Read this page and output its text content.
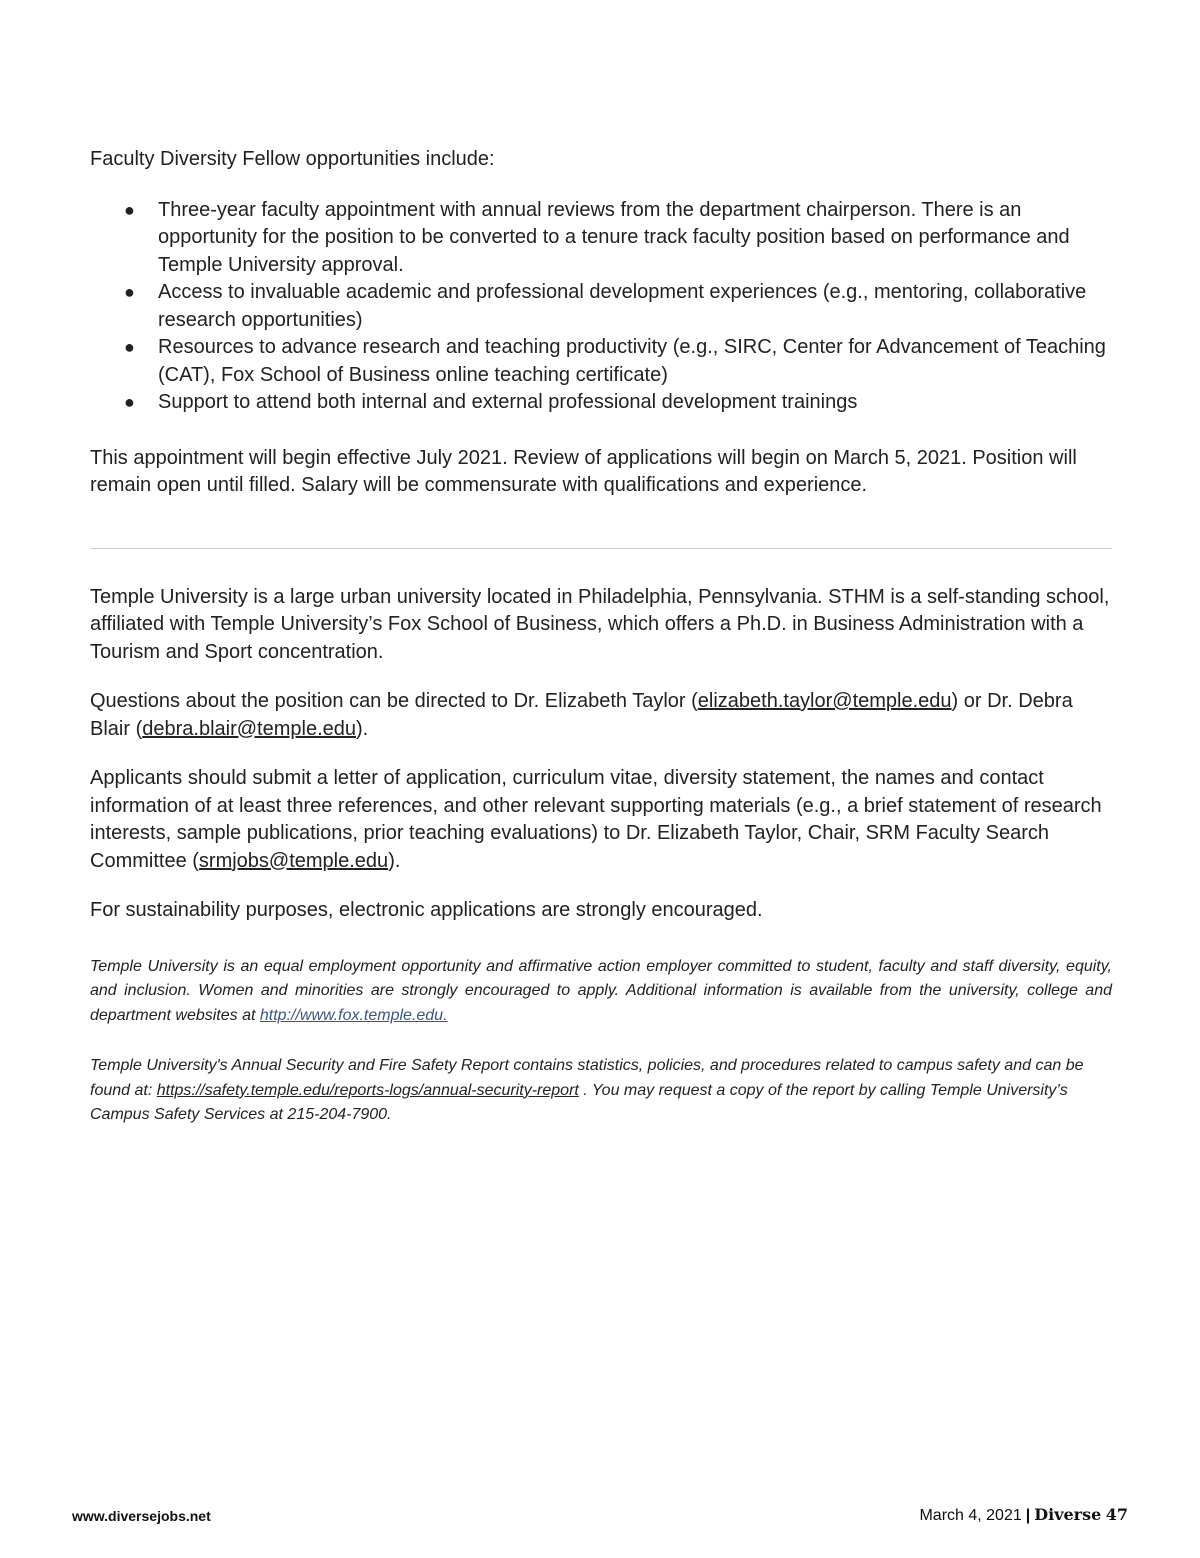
Faculty Diversity Fellow opportunities include:

● Three-year faculty appointment with annual reviews from the department chairperson. There is an opportunity for the position to be converted to a tenure track faculty position based on performance and Temple University approval.
● Access to invaluable academic and professional development experiences (e.g., mentoring, collaborative research opportunities)
● Resources to advance research and teaching productivity (e.g., SIRC, Center for Advancement of Teaching (CAT), Fox School of Business online teaching certificate)
● Support to attend both internal and external professional development trainings

This appointment will begin effective July 2021. Review of applications will begin on March 5, 2021. Position will remain open until filled. Salary will be commensurate with qualifications and experience.

Temple University is a large urban university located in Philadelphia, Pennsylvania. STHM is a self-standing school, affiliated with Temple University’s Fox School of Business, which offers a Ph.D. in Business Administration with a Tourism and Sport concentration.

Questions about the position can be directed to Dr. Elizabeth Taylor (elizabeth.taylor@temple.edu) or Dr. Debra Blair (debra.blair@temple.edu).

Applicants should submit a letter of application, curriculum vitae, diversity statement, the names and contact information of at least three references, and other relevant supporting materials (e.g., a brief statement of research interests, sample publications, prior teaching evaluations) to Dr. Elizabeth Taylor, Chair, SRM Faculty Search Committee (srmjobs@temple.edu).

For sustainability purposes, electronic applications are strongly encouraged.

Temple University is an equal employment opportunity and affirmative action employer committed to student, faculty and staff diversity, equity, and inclusion. Women and minorities are strongly encouraged to apply. Additional information is available from the university, college and department websites at http://www.fox.temple.edu.

Temple University's Annual Security and Fire Safety Report contains statistics, policies, and procedures related to campus safety and can be found at: https://safety.temple.edu/reports-logs/annual-security-report . You may request a copy of the report by calling Temple University’s Campus Safety Services at 215-204-7900.

www.diversejobs.net	March 4, 2021 | Diverse 47
